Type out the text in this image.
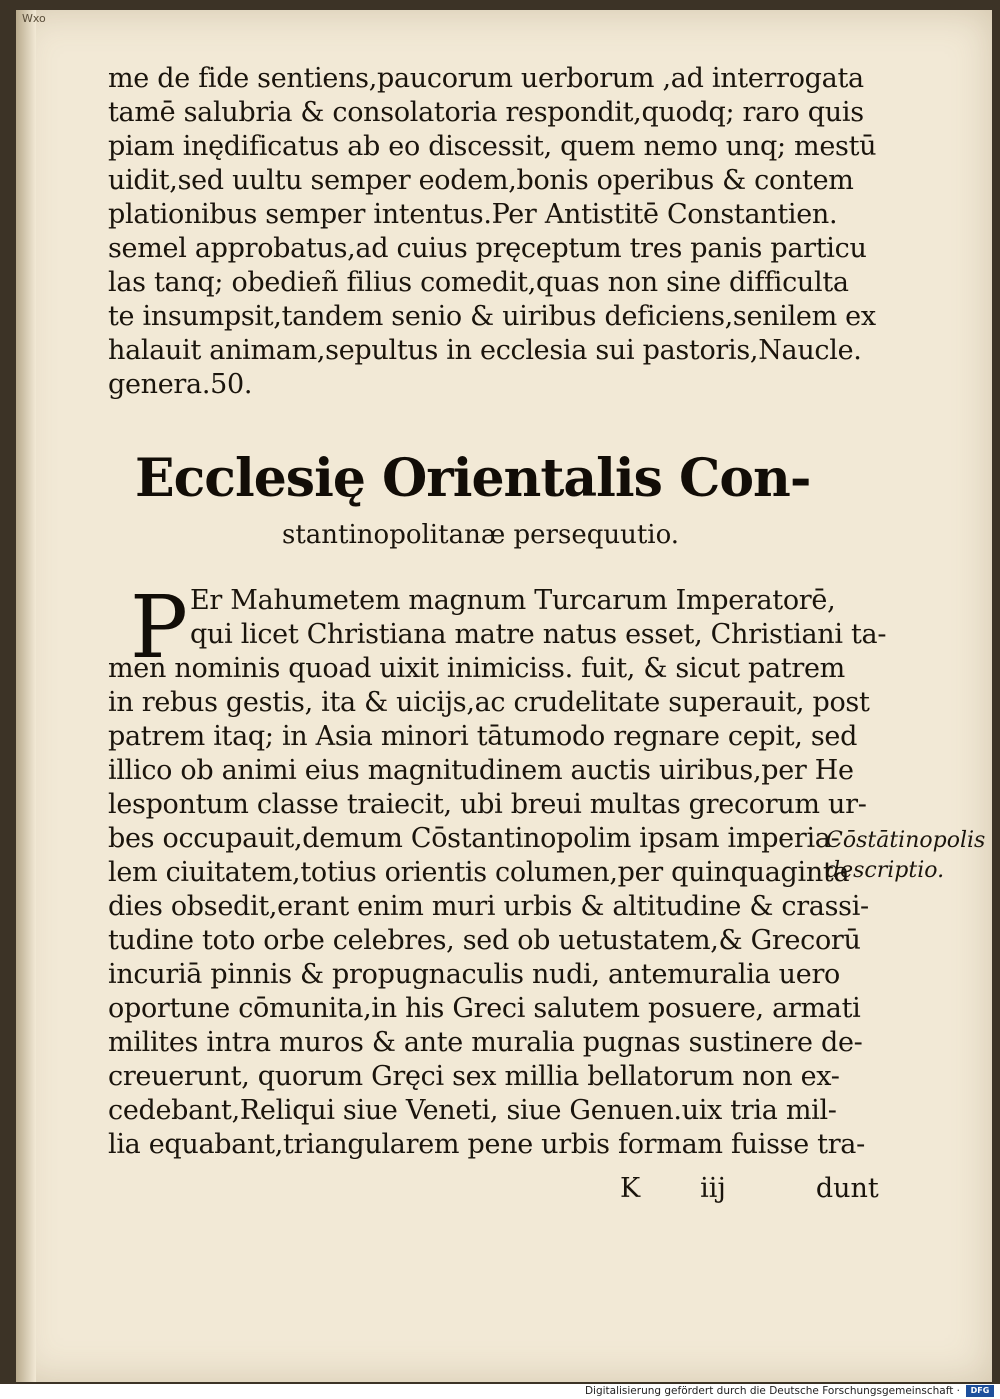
Wxo
me de fide sentiens,paucorum uerborum ,ad interrogata
tamē salubria & consolatoria respondit,quodq; raro quis
piam inędificatus ab eo discessit, quem nemo unq; mestū
uidit,sed uultu semper eodem,bonis operibus & contem
plationibus semper intentus.Per Antistitē Constantien.
semel approbatus,ad cuius pręceptum tres panis particu
las tanq; obedieñ filius comedit,quas non sine difficulta
te insumpsit,tandem senio & uiribus deficiens,senilem ex
halauit animam,sepultus in ecclesia sui pastoris,Naucle.
genera.50.
Ecclesię Orientalis Con-
stantinopolitanæ persequutio.
P Er Mahumetem magnum Turcarum Imperatorē,
qui licet Christiana matre natus esset, Christiani ta-
men nominis quoad uixit inimiciss. fuit, & sicut patrem
in rebus gestis, ita & uicijs,ac crudelitate superauit, post
patrem itaq; in Asia minori tātumodo regnare cepit, sed
illico ob animi eius magnitudinem auctis uiribus,per He
lespontum classe traiecit, ubi breui multas grecorum ur-
bes occupauit,demum Cōstantinopolim ipsam imperia-
lem ciuitatem,totius orientis columen,per quinquaginta
dies obsedit,erant enim muri urbis & altitudine & crassi-
tudine toto orbe celebres, sed ob uetustatem,& Grecorū
incuriā pinnis & propugnaculis nudi, antemuralia uero
oportune cōmunita,in his Greci salutem posuere, armati
milites intra muros & ante muralia pugnas sustinere de-
creuerunt, quorum Gręci sex millia bellatorum non ex-
cedebant,Reliqui siue Veneti, siue Genuen.uix tria mil-
lia equabant,triangularem pene urbis formam fuisse tra-
Cōstātinopolis
descriptio.
K iij	dunt
Digitalisierung gefördert durch die Deutsche Forschungsgemeinschaft ·	DFG
